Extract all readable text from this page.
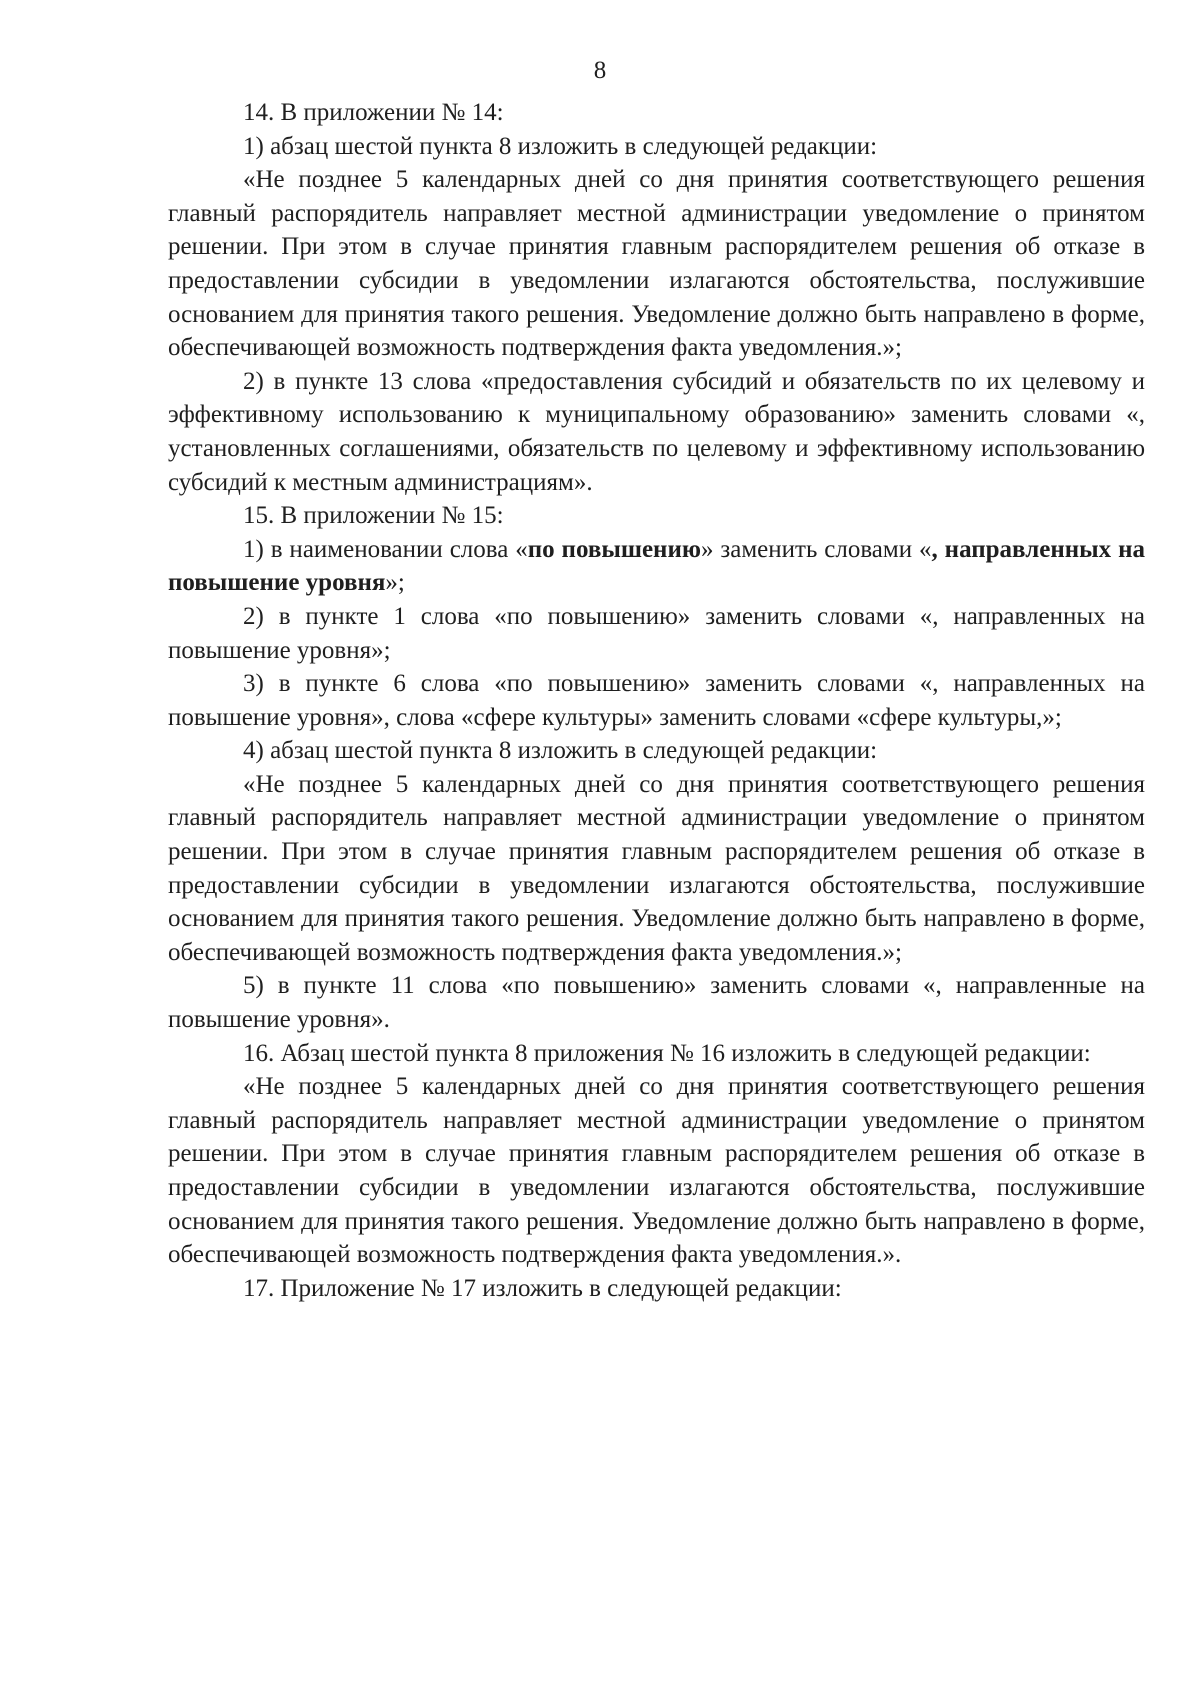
8

14. В приложении № 14:

1) абзац шестой пункта 8 изложить в следующей редакции:

«Не позднее 5 календарных дней со дня принятия соответствующего решения главный распорядитель направляет местной администрации уведомление о принятом решении. При этом в случае принятия главным распорядителем решения об отказе в предоставлении субсидии в уведомлении излагаются обстоятельства, послужившие основанием для принятия такого решения. Уведомление должно быть направлено в форме, обеспечивающей возможность подтверждения факта уведомления.»;

2) в пункте 13 слова «предоставления субсидий и обязательств по их целевому и эффективному использованию к муниципальному образованию» заменить словами «, установленных соглашениями, обязательств по целевому и эффективному использованию субсидий к местным администрациям».

15. В приложении № 15:

1) в наименовании слова «по повышению» заменить словами «, направленных на повышение уровня»;

2) в пункте 1 слова «по повышению» заменить словами «, направленных на повышение уровня»;

3) в пункте 6 слова «по повышению» заменить словами «, направленных на повышение уровня», слова «сфере культуры» заменить словами «сфере культуры,»;

4) абзац шестой пункта 8 изложить в следующей редакции:

«Не позднее 5 календарных дней со дня принятия соответствующего решения главный распорядитель направляет местной администрации уведомление о принятом решении. При этом в случае принятия главным распорядителем решения об отказе в предоставлении субсидии в уведомлении излагаются обстоятельства, послужившие основанием для принятия такого решения. Уведомление должно быть направлено в форме, обеспечивающей возможность подтверждения факта уведомления.»;

5) в пункте 11 слова «по повышению» заменить словами «, направленные на повышение уровня».

16. Абзац шестой пункта 8 приложения № 16 изложить в следующей редакции:

«Не позднее 5 календарных дней со дня принятия соответствующего решения главный распорядитель направляет местной администрации уведомление о принятом решении. При этом в случае принятия главным распорядителем решения об отказе в предоставлении субсидии в уведомлении излагаются обстоятельства, послужившие основанием для принятия такого решения. Уведомление должно быть направлено в форме, обеспечивающей возможность подтверждения факта уведомления.».

17. Приложение № 17 изложить в следующей редакции:
